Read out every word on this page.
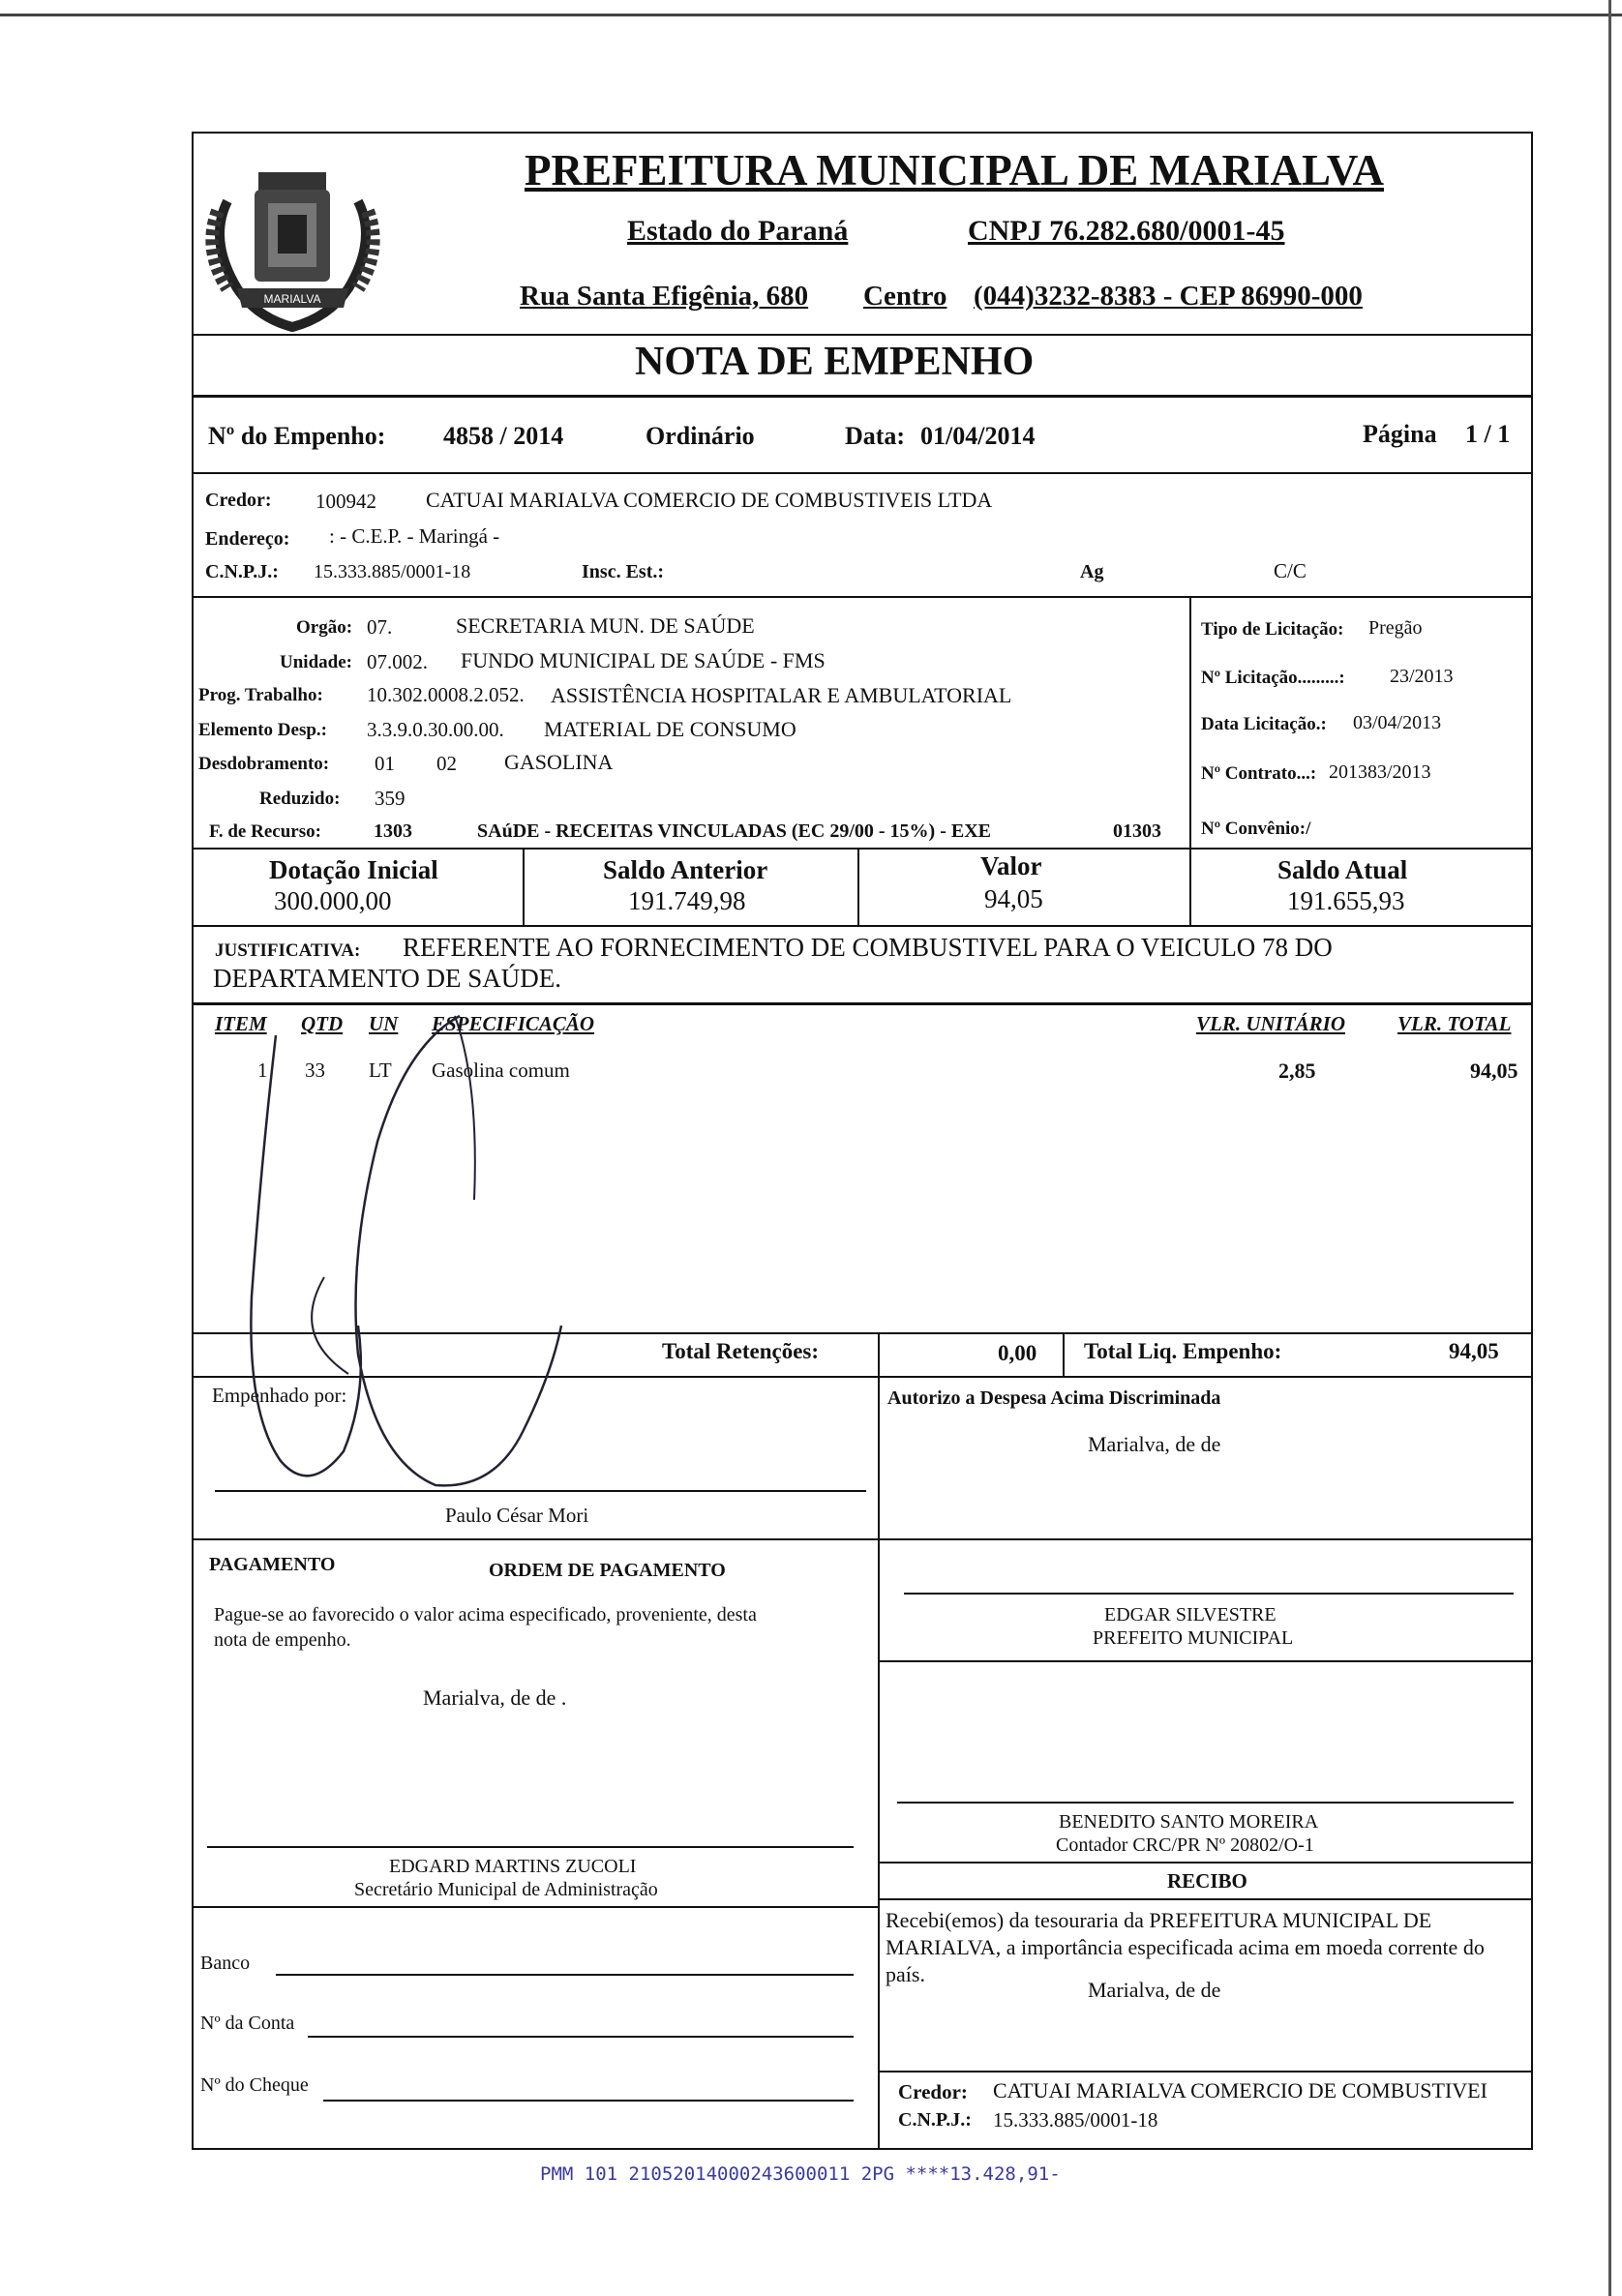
MARIALVA
PREFEITURA MUNICIPAL DE MARIALVA
Estado do Paraná	CNPJ 76.282.680/0001-45
Rua Santa Efigênia, 680 Centro (044)3232-8383 - CEP 86990-000
NOTA DE EMPENHO
Nº do Empenho: 4858 / 2014	Ordinário	Data: 01/04/2014	Página 1 / 1
Credor: 100942 CATUAI MARIALVA COMERCIO DE COMBUSTIVEIS LTDA
Endereço: : - C.E.P. - Maringá -
C.N.P.J.: 15.333.885/0001-18	Insc. Est.:	Ag	C/C
Orgão: 07.	SECRETARIA MUN. DE SAÚDE
Unidade: 07.002. FUNDO MUNICIPAL DE SAÚDE - FMS
Prog. Trabalho: 10.302.0008.2.052. ASSISTÊNCIA HOSPITALAR E AMBULATORIAL
Elemento Desp.: 3.3.9.0.30.00.00. MATERIAL DE CONSUMO
Desdobramento: 01 02 GASOLINA
Reduzido: 359
F. de Recurso:	1303	SAúDE - RECEITAS VINCULADAS (EC 29/00 - 15%) - EXE	01303
Tipo de Licitação: Pregão
Nº Licitação.........: 23/2013
Data Licitação.: 03/04/2013
Nº Contrato...: 201383/2013
Nº Convênio:/
Dotação Inicial
300.000,00
Saldo Anterior
191.749,98
Valor
94,05
Saldo Atual
191.655,93
JUSTIFICATIVA: REFERENTE AO FORNECIMENTO DE COMBUSTIVEL PARA O VEICULO 78 DO
DEPARTAMENTO DE SAÚDE.
ITEM QTD UN ESPECIFICAÇÃO	VLR. UNITÁRIO	VLR. TOTAL
1 33 LT Gasolina comum	2,85	94,05
Total Retenções:	0,00 Total Liq. Empenho:	94,05
Empenhado por:	Autorizo a Despesa Acima Discriminada
Marialva, de de
Paulo César Mori
PAGAMENTO	ORDEM DE PAGAMENTO
Pague-se ao favorecido o valor acima especificado, proveniente, desta
nota de empenho.
Marialva, de de .
EDGAR SILVESTRE
PREFEITO MUNICIPAL
BENEDITO SANTO MOREIRA
Contador CRC/PR Nº 20802/O-1
EDGARD MARTINS ZUCOLI
Secretário Municipal de Administração	RECIBO
Recebi(emos) da tesouraria da PREFEITURA MUNICIPAL DE
MARIALVA, a importância especificada acima em moeda corrente do
país.
Marialva, de de
Banco
Nº da Conta
Nº do Cheque	Credor: CATUAI MARIALVA COMERCIO DE COMBUSTIVEI
C.N.P.J.: 15.333.885/0001-18
PMM 101 21052014000243600011 2PG ****13.428,91-
